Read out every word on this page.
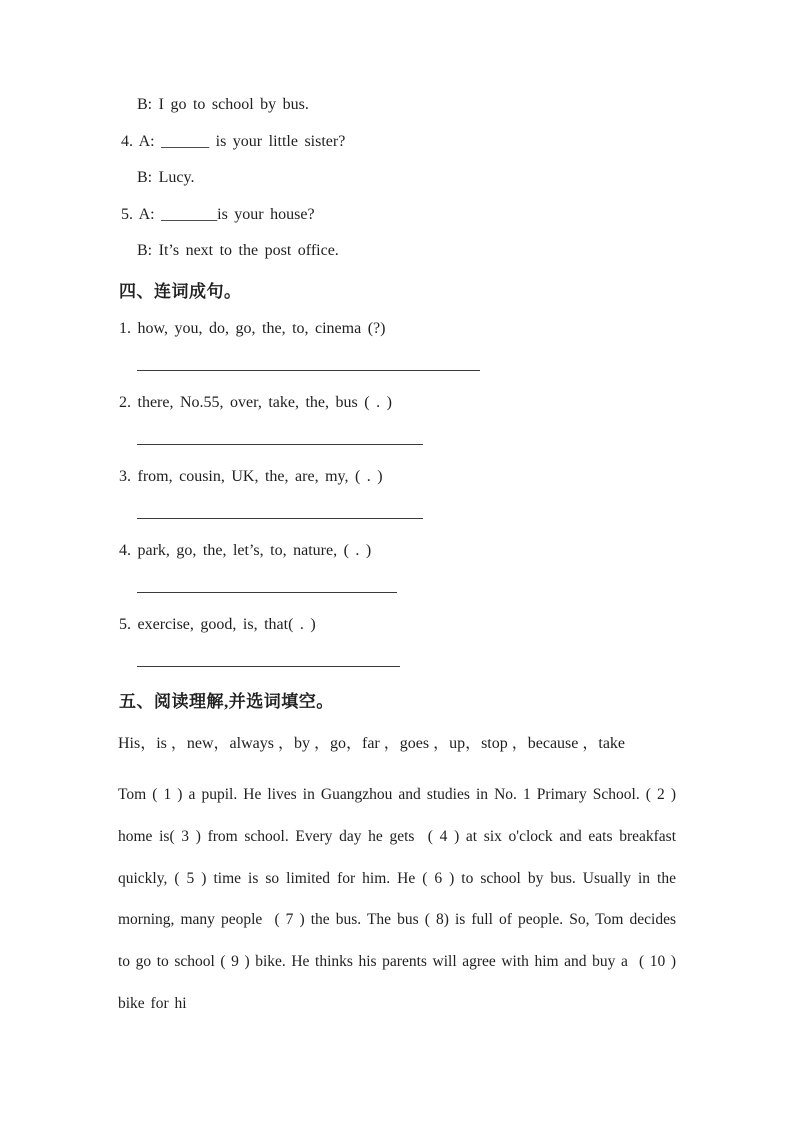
B: I go to school by bus.
4. A: ______ is your little sister?
B: Lucy.
5. A: _______is your house?
B: It’s next to the post office.
四、连词成句。
1. how, you, do, go, the, to, cinema (?)
2. there, No.55, over, take, the, bus ( . )
3. from, cousin, UK, the, are, my, ( . )
4. park, go, the, let’s, to, nature, ( . )
5. exercise, good, is, that( . )
五、阅读理解,并选词填空。
His，is ，new，always ，by ，go，far ，goes ，up，stop ，because ，take
Tom ( 1 ) a pupil. He lives in Guangzhou and studies in No. 1 Primary School. ( 2 )
home is( 3 ) from school. Every day he gets  ( 4 ) at six o'clock and eats breakfast
quickly, ( 5 ) time is so limited for him. He ( 6 ) to school by bus. Usually in the
morning, many people  ( 7 ) the bus. The bus ( 8) is full of people. So, Tom decides
to go to school ( 9 ) bike. He thinks his parents will agree with him and buy a  ( 10 )
bike for hi
